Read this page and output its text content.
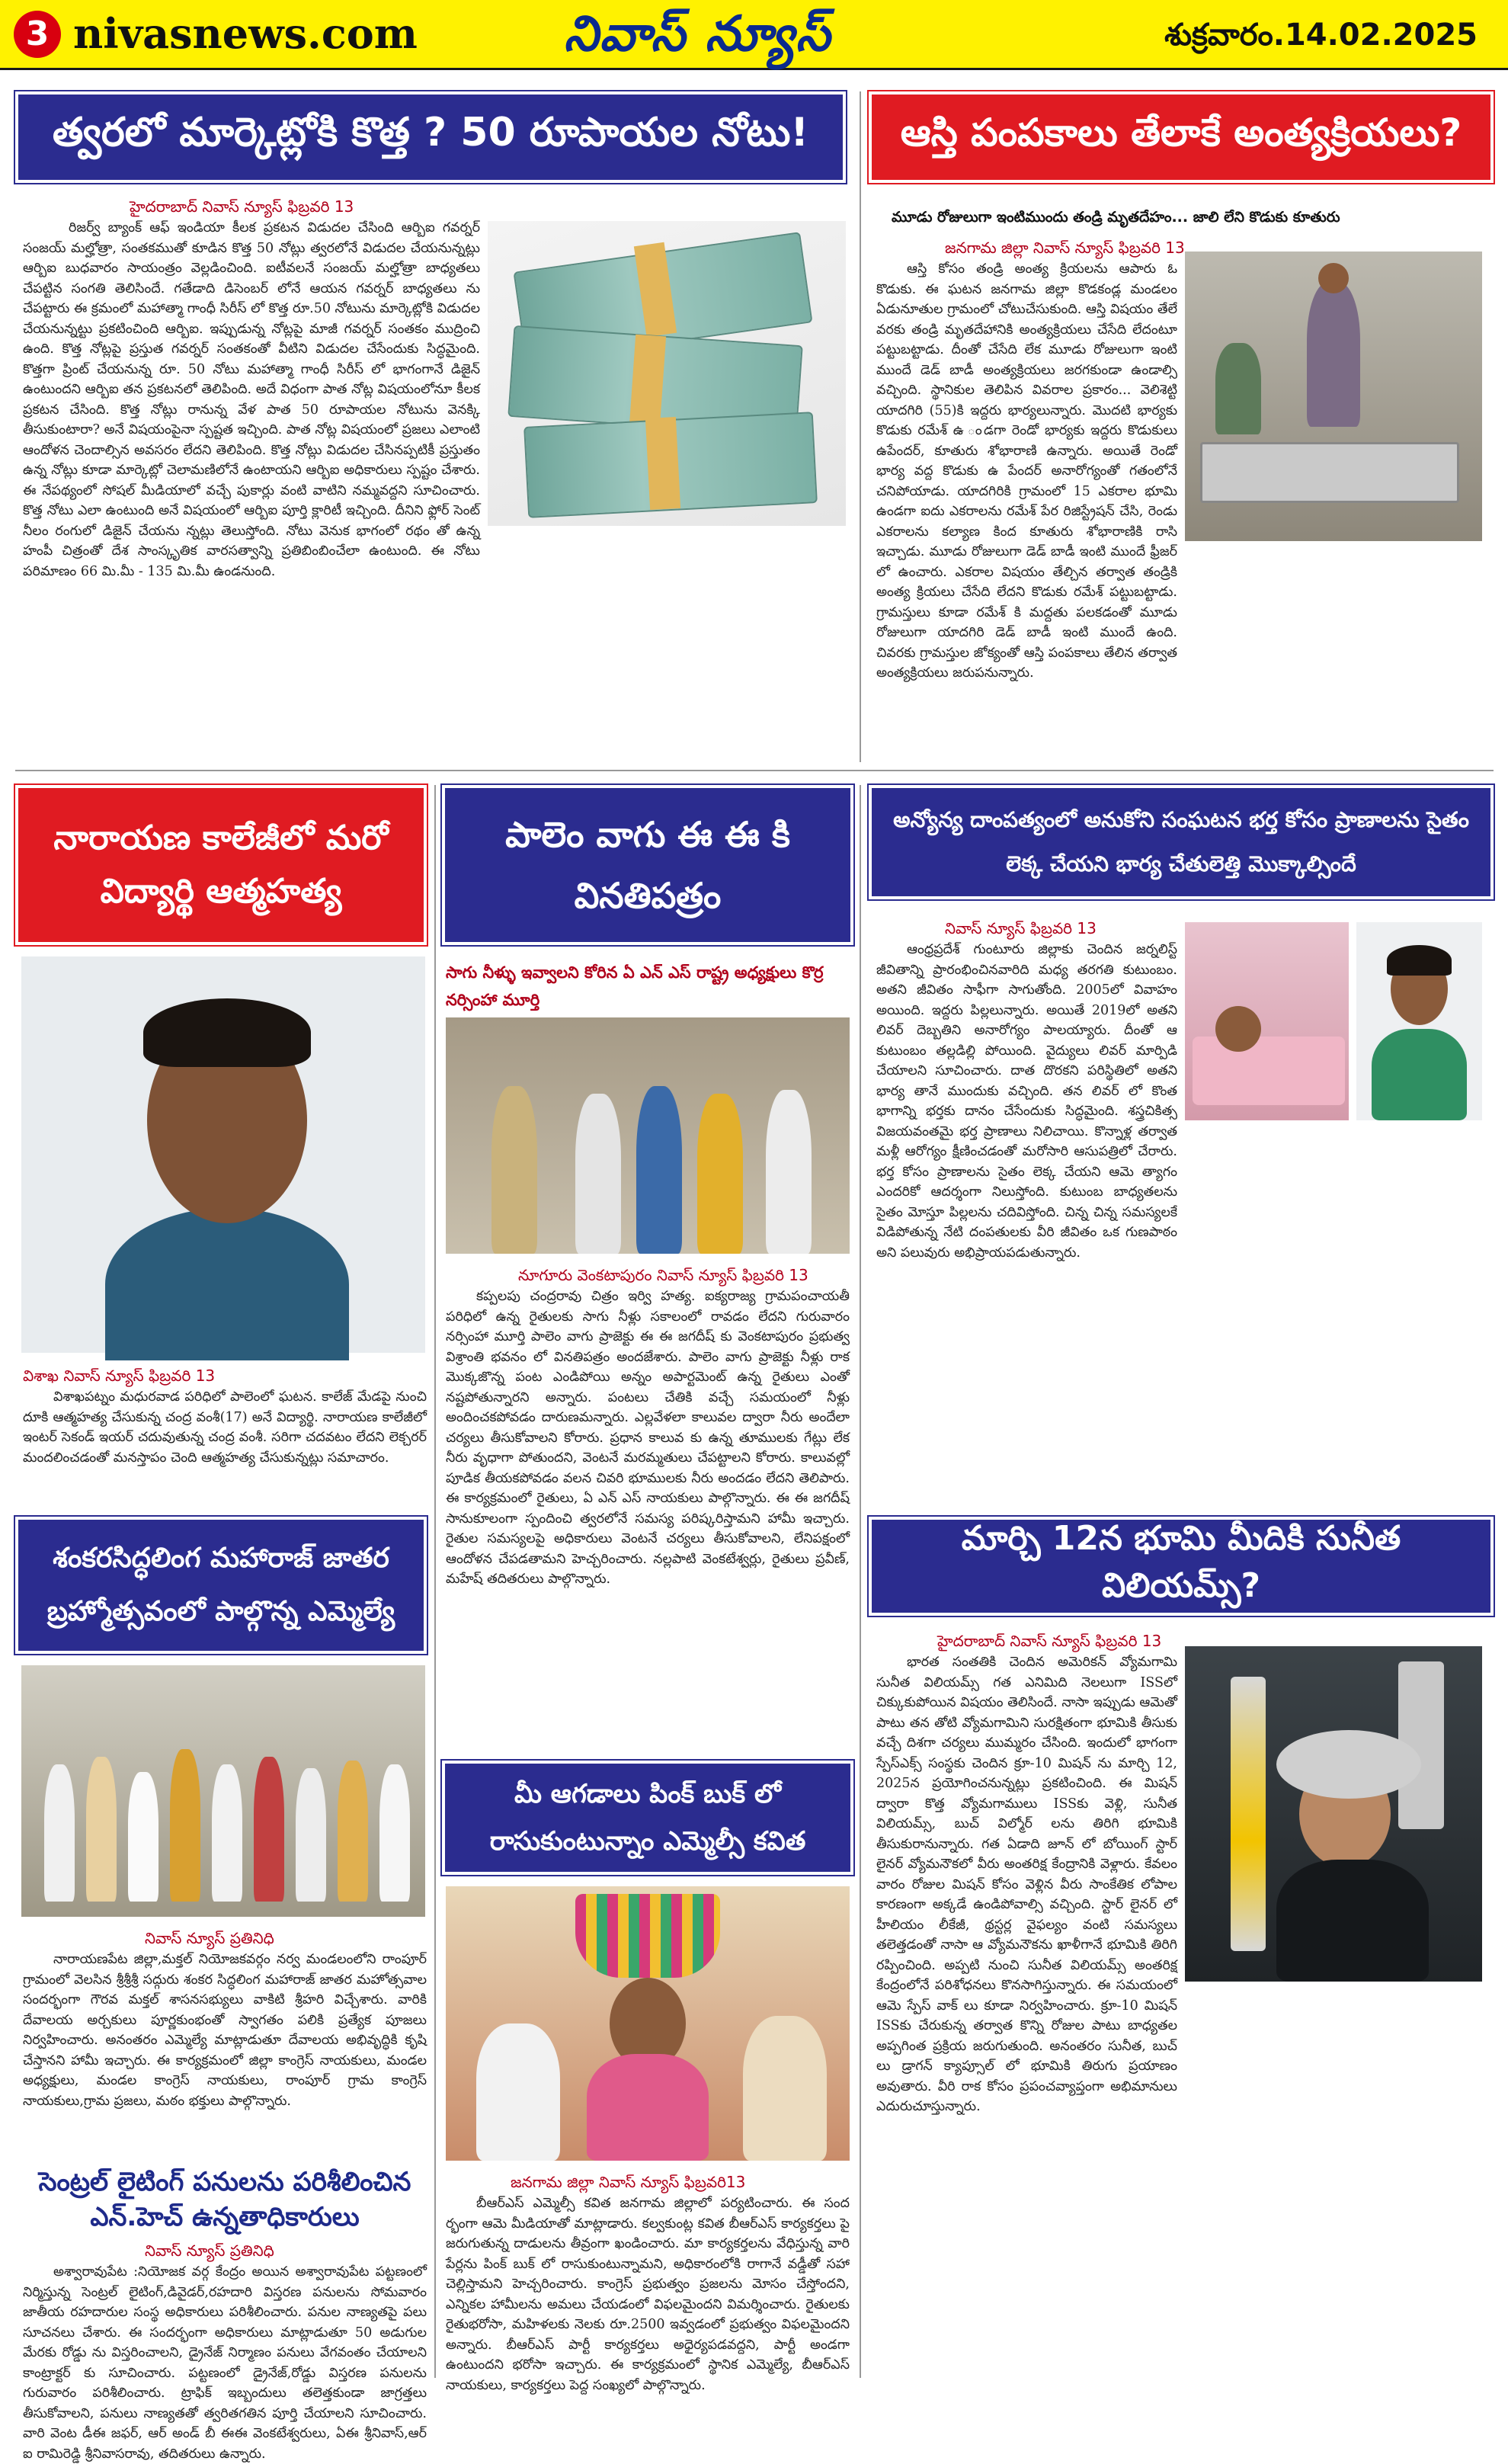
3 nivasnews.com	నివాస్ న్యూస్	శుక్రవారం.14.02.2025
త్వరలో మార్కెట్లోకి కొత్త ? 50 రూపాయల నోటు!
హైదరాబాద్ నివాస్ న్యూస్ ఫిబ్రవరి 13
రిజర్వ్ బ్యాంక్ ఆఫ్ ఇండియా కీలక ప్రకటన విడుదల చేసింది ఆర్బిఐ గవర్నర్ సంజయ్ మల్హోత్రా, సంతకముతో కూడిన కొత్త 50 నోట్లు త్వరలోనే విడుదల చేయనున్నట్లు ఆర్బిఐ బుధవారం సాయంత్రం వెల్లడించింది. ఐటీవలనే సంజయ్ మల్హోత్రా బాధ్యతలు చేపట్టిన సంగతి తెలిసిందే. గతేడాది డిసెంబర్ లోనే ఆయన గవర్నర్ బాధ్యతలు ను చేపట్టారు ఈ క్రమంలో మహాత్మా గాంధీ సిరీస్ లో కొత్త రూ.50 నోటును మార్కెట్లోకి విడుదల చేయనున్నట్టు ప్రకటించింది ఆర్బిఐ. ఇప్పుడున్న నోట్లపై మాజీ గవర్నర్ సంతకం ముద్రించి ఉంది. కొత్త నోట్లపై ప్రస్తుత గవర్నర్ సంతకంతో వీటిని విడుదల చేసేందుకు సిద్ధమైంది. కొత్తగా ప్రింట్ చేయనున్న రూ. 50 నోటు మహాత్మా గాంధీ సిరీస్ లో భాగంగానే డిజైన్ ఉంటుందని ఆర్బిఐ తన ప్రకటనలో తెలిపింది. అదే విధంగా పాత నోట్ల విషయంలోనూ కీలక ప్రకటన చేసింది. కొత్త నోట్లు రానున్న వేళ పాత 50 రూపాయల నోటును వెనక్కి తీసుకుంటారా? అనే విషయంపైనా స్పష్టత ఇచ్చింది. పాత నోట్ల విషయంలో ప్రజలు ఎలాంటి ఆందోళన చెందాల్సిన అవసరం లేదని తెలిపింది. కొత్త నోట్లు విడుదల చేసినప్పటికీ ప్రస్తుతం ఉన్న నోట్లు కూడా మార్కెట్లో చెలామణిలోనే ఉంటాయని ఆర్బిఐ అధికారులు స్పష్టం చేశారు. ఈ నేపథ్యంలో సోషల్ మీడియాలో వచ్చే పుకార్లు వంటి వాటిని నమ్మవద్దని సూచించారు. కొత్త నోటు ఎలా ఉంటుంది అనే విషయంలో ఆర్బిఐ పూర్తి క్లారిటీ ఇచ్చింది. దీనిని ఫ్లోర్ సెంట్ నీలం రంగులో డిజైన్ చేయను న్నట్లు తెలుస్తోంది. నోటు వెనుక భాగంలో రథం తో ఉన్న హంపీ చిత్రంతో దేశ సాంస్కృతిక వారసత్వాన్ని ప్రతిబింబించేలా ఉంటుంది. ఈ నోటు పరిమాణం 66 మి.మీ - 135 మి.మీ ఉండనుంది.
ఆస్తి పంపకాలు తేలాకే అంత్యక్రియలు?
మూడు రోజులుగా ఇంటిముందు తండ్రి మృతదేహం... జాలి లేని కొడుకు కూతురు
జనగామ జిల్లా నివాస్ న్యూస్ ఫిబ్రవరి 13
ఆస్తి కోసం తండ్రి అంత్య క్రియలను ఆపారు ఓ కొడుకు. ఈ ఘటన జనగామ జిల్లా కొడకండ్ల మండలం ఏడునూతుల గ్రామంలో చోటుచేసుకుంది. ఆస్తి విషయం తేలే వరకు తండ్రి మృతదేహానికి అంత్యక్రియలు చేసేది లేదంటూ పట్టుబట్టాడు. దీంతో చేసేది లేక మూడు రోజులుగా ఇంటి ముందే డెడ్ బాడీ అంత్యక్రియలు జరగకుండా ఉండాల్సి వచ్చింది. స్థానికుల తెలిపిన వివరాల ప్రకారం... వెలిశెట్టి యాదగిరి (55)కి ఇద్దరు భార్యలున్నారు. మొదటి భార్యకు కొడుకు రమేశ్ ఉ ండగా రెండో భార్యకు ఇద్దరు కొడుకులు ఉపేందర్, కూతురు శోభారాణి ఉన్నారు. అయితే రెండో భార్య వద్ద కొడుకు ఉ పేందర్ అనారోగ్యంతో గతంలోనే చనిపోయాడు. యాదగిరికి గ్రామంలో 15 ఎకరాల భూమి ఉండగా ఐదు ఎకరాలను రమేశ్ పేర రిజిస్ట్రేషన్ చేసి, రెండు ఎకరాలను కల్యాణ కింద కూతురు శోభారాణికి రాసి ఇచ్చాడు. మూడు రోజులుగా డెడ్ బాడీ ఇంటి ముందే ఫ్రీజర్ లో ఉంచారు. ఎకరాల విషయం తేల్చిన తర్వాత తండ్రికి అంత్య క్రియలు చేసేది లేదని కొడుకు రమేశ్ పట్టుబట్టాడు. గ్రామస్తులు కూడా రమేశ్ కి మద్దతు పలకడంతో మూడు రోజులుగా యాదగిరి డెడ్ బాడీ ఇంటి ముందే ఉంది. చివరకు గ్రామస్తుల జోక్యంతో ఆస్తి పంపకాలు తేలిన తర్వాత అంత్యక్రియలు జరుపనున్నారు.
నారాయణ కాలేజీలో మరో విద్యార్థి ఆత్మహత్య
విశాఖ నివాస్ న్యూస్ ఫిబ్రవరి 13
విశాఖపట్నం మధురవాడ పరిధిలో పాలెంలో ఘటన. కాలేజ్ మేడపై నుంచి దూకి ఆత్మహత్య చేసుకున్న చంద్ర వంశీ(17) అనే విద్యార్థి. నారాయణ కాలేజీలో ఇంటర్ సెకండ్ ఇయర్ చదువుతున్న చంద్ర వంశీ. సరిగా చదవటం లేదని లెక్చరర్ మందలించడంతో మనస్తాపం చెంది ఆత్మహత్య చేసుకున్నట్లు సమాచారం.
శంకరసిద్ధలింగ మహారాజ్ జాతర బ్రహ్మోత్సవంలో పాల్గొన్న ఎమ్మెల్యే
నివాస్ న్యూస్ ప్రతినిధి
నారాయణపేట జిల్లా,మక్తల్ నియోజకవర్గం నర్వ మండలంలోని రాంపూర్ గ్రామంలో వెలసిన శ్రీశ్రీశ్రీ సద్గురు శంకర సిద్ధలింగ మహారాజ్ జాతర మహోత్సవాల సందర్భంగా గౌరవ మక్తల్ శాసనసభ్యులు వాకిటి శ్రీహరి విచ్చేశారు. వారికి దేవాలయ అర్చకులు పూర్ణకుంభంతో స్వాగతం పలికి ప్రత్యేక పూజలు నిర్వహించారు. అనంతరం ఎమ్మెల్యే మాట్లాడుతూ దేవాలయ అభివృద్ధికి కృషి చేస్తానని హామీ ఇచ్చారు. ఈ కార్యక్రమంలో జిల్లా కాంగ్రెస్ నాయకులు, మండల అధ్యక్షులు, మండల కాంగ్రెస్ నాయకులు, రాంపూర్ గ్రామ కాంగ్రెస్ నాయకులు,గ్రామ ప్రజలు, మఠం భక్తులు పాల్గొన్నారు.
సెంట్రల్ లైటింగ్ పనులను పరిశీలించిన ఎన్.హెచ్ ఉన్నతాధికారులు
నివాస్ న్యూస్ ప్రతినిధి
అశ్వారావుపేట :నియోజక వర్గ కేంద్రం అయిన అశ్వారావుపేట పట్టణంలో నిర్మిస్తున్న సెంట్రల్ లైటింగ్,డివైడర్,రహదారి విస్తరణ పనులను సోమవారం జాతీయ రహదారుల సంస్థ అధికారులు పరిశీలించారు. పనుల నాణ్యతపై పలు సూచనలు చేశారు. ఈ సందర్భంగా అధికారులు మాట్లాడుతూ 50 అడుగుల మేరకు రోడ్డు ను విస్తరించాలని, డ్రైనేజ్ నిర్మాణం పనులు వేగవంతం చేయాలని కాంట్రాక్టర్ కు సూచించారు. పట్టణంలో డ్రైనేజ్,రోడ్డు విస్తరణ పనులను గురువారం పరిశీలించారు. ట్రాఫిక్ ఇబ్బందులు తలెత్తకుండా జాగ్రత్తలు తీసుకోవాలని, పనులు నాణ్యతతో త్వరితగతిన పూర్తి చేయాలని సూచించారు. వారి వెంట డీఈ జఫర్, ఆర్ అండ్ బీ ఈఈ వెంకటేశ్వరులు, ఏఈ శ్రీనివాస్,ఆర్ ఐ రామిరెడ్డి శ్రీనివాసరావు, తదితరులు ఉన్నారు.
పాలెం వాగు ఈ ఈ కి వినతిపత్రం
సాగు నీళ్ళు ఇవ్వాలని కోరిన ఏ ఎన్ ఎస్ రాష్ట్ర అధ్యక్షులు కొర్ర నర్సింహా మూర్తి
నూగూరు వెంకటాపురం నివాస్ న్యూస్ ఫిబ్రవరి 13
కప్పలపు చంద్రరావు చిత్రం ఇర్వి హత్య. ఐక్యరాజ్య గ్రామపంచాయతీ పరిధిలో ఉన్న రైతులకు సాగు నీళ్లు సకాలంలో రావడం లేదని గురువారం నర్సింహా మూర్తి పాలెం వాగు ప్రాజెక్టు ఈ ఈ జగదీష్ కు వెంకటాపురం ప్రభుత్వ విశ్రాంతి భవనం లో వినతిపత్రం అందజేశారు. పాలెం వాగు ప్రాజెక్టు నీళ్లు రాక మొక్కజొన్న పంట ఎండిపోయి అన్నం అపార్టమెంట్ ఉన్న రైతులు ఎంతో నష్టపోతున్నారని అన్నారు. పంటలు చేతికి వచ్చే సమయంలో నీళ్లు అందించకపోవడం దారుణమన్నారు. ఎల్లవేళలా కాలువల ద్వారా నీరు అందేలా చర్యలు తీసుకోవాలని కోరారు. ప్రధాన కాలువ కు ఉన్న తూములకు గేట్లు లేక నీరు వృధాగా పోతుందని, వెంటనే మరమ్మతులు చేపట్టాలని కోరారు. కాలువల్లో పూడిక తీయకపోవడం వలన చివరి భూములకు నీరు అందడం లేదని తెలిపారు. ఈ కార్యక్రమంలో రైతులు, ఏ ఎన్ ఎస్ నాయకులు పాల్గొన్నారు. ఈ ఈ జగదీష్ సానుకూలంగా స్పందించి త్వరలోనే సమస్య పరిష్కరిస్తామని హామీ ఇచ్చారు. రైతుల సమస్యలపై అధికారులు వెంటనే చర్యలు తీసుకోవాలని, లేనిపక్షంలో ఆందోళన చేపడతామని హెచ్చరించారు. నల్లపాటి వెంకటేశ్వర్లు, రైతులు ప్రవీణ్, మహేష్ తదితరులు పాల్గొన్నారు.
మీ ఆగడాలు పింక్ బుక్ లో రాసుకుంటున్నాం ఎమ్మెల్సీ కవిత
జనగామ జిల్లా నివాస్ న్యూస్ ఫిబ్రవరి13
బీఆర్ఎస్ ఎమ్మెల్సీ కవిత జనగామ జిల్లాలో పర్యటించారు. ఈ సంద ర్భంగా ఆమె మీడియాతో మాట్లాడారు. కల్వకుంట్ల కవిత బీఆర్ఎస్ కార్యకర్తలు పై జరుగుతున్న దాడులను తీవ్రంగా ఖండించారు. మా కార్యకర్తలను వేధిస్తున్న వారి పేర్లను పింక్ బుక్ లో రాసుకుంటున్నామని, అధికారంలోకి రాగానే వడ్డీతో సహా చెల్లిస్తామని హెచ్చరించారు. కాంగ్రెస్ ప్రభుత్వం ప్రజలను మోసం చేస్తోందని, ఎన్నికల హామీలను అమలు చేయడంలో విఫలమైందని విమర్శించారు. రైతులకు రైతుభరోసా, మహిళలకు నెలకు రూ.2500 ఇవ్వడంలో ప్రభుత్వం విఫలమైందని అన్నారు. బీఆర్ఎస్ పార్టీ కార్యకర్తలు అధైర్యపడవద్దని, పార్టీ అండగా ఉంటుందని భరోసా ఇచ్చారు. ఈ కార్యక్రమంలో స్థానిక ఎమ్మెల్యే, బీఆర్ఎస్ నాయకులు, కార్యకర్తలు పెద్ద సంఖ్యలో పాల్గొన్నారు.
అన్యోన్య దాంపత్యంలో అనుకోని సంఘటన భర్త కోసం ప్రాణాలను సైతం లెక్క చేయని భార్య చేతులెత్తి మొక్కాల్సిందే
నివాస్ న్యూస్ ఫిబ్రవరి 13
ఆంధ్రప్రదేశ్ గుంటూరు జిల్లాకు చెందిన జర్నలిస్ట్ జీవితాన్ని ప్రారంభించినవారిది మధ్య తరగతి కుటుంబం. అతని జీవితం సాఫీగా సాగుతోంది. 2005లో వివాహం అయింది. ఇద్దరు పిల్లలున్నారు. అయితే 2019లో అతని లివర్ దెబ్బతిని అనారోగ్యం పాలయ్యారు. దీంతో ఆ కుటుంబం తల్లడిల్లి పోయింది. వైద్యులు లివర్ మార్పిడి చేయాలని సూచించారు. దాత దొరకని పరిస్థితిలో అతని భార్య తానే ముందుకు వచ్చింది. తన లివర్ లో కొంత భాగాన్ని భర్తకు దానం చేసేందుకు సిద్ధమైంది. శస్త్రచికిత్స విజయవంతమై భర్త ప్రాణాలు నిలిచాయి. కొన్నాళ్ల తర్వాత మళ్లీ ఆరోగ్యం క్షీణించడంతో మరోసారి ఆసుపత్రిలో చేరారు. భర్త కోసం ప్రాణాలను సైతం లెక్క చేయని ఆమె త్యాగం ఎందరికో ఆదర్శంగా నిలుస్తోంది. కుటుంబ బాధ్యతలను సైతం మోస్తూ పిల్లలను చదివిస్తోంది. చిన్న చిన్న సమస్యలకే విడిపోతున్న నేటి దంపతులకు వీరి జీవితం ఒక గుణపాఠం అని పలువురు అభిప్రాయపడుతున్నారు.
మార్చి 12న భూమి మీదికి సునీత విలియమ్స్?
హైదరాబాద్ నివాస్ న్యూస్ ఫిబ్రవరి 13
భారత సంతతికి చెందిన అమెరికన్ వ్యోమగామి సునీత విలియమ్స్ గత ఎనిమిది నెలలుగా ISSలో చిక్కుకుపోయిన విషయం తెలిసిందే. నాసా ఇప్పుడు ఆమెతో పాటు తన తోటి వ్యోమగామిని సురక్షితంగా భూమికి తీసుకు వచ్చే దిశగా చర్యలు ముమ్మరం చేసింది. ఇందులో భాగంగా స్పేస్ఎక్స్ సంస్థకు చెందిన క్రూ-10 మిషన్ ను మార్చి 12, 2025న ప్రయోగించనున్నట్లు ప్రకటించింది. ఈ మిషన్ ద్వారా కొత్త వ్యోమగాములు ISSకు వెళ్లి, సునీత విలియమ్స్, బుచ్ విల్మోర్ లను తిరిగి భూమికి తీసుకురానున్నారు. గత ఏడాది జూన్ లో బోయింగ్ స్టార్ లైనర్ వ్యోమనౌకలో వీరు అంతరిక్ష కేంద్రానికి వెళ్లారు. కేవలం వారం రోజుల మిషన్ కోసం వెళ్లిన వీరు సాంకేతిక లోపాల కారణంగా అక్కడే ఉండిపోవాల్సి వచ్చింది. స్టార్ లైనర్ లో హీలియం లీకేజీ, థ్రస్టర్ల వైఫల్యం వంటి సమస్యలు తలెత్తడంతో నాసా ఆ వ్యోమనౌకను ఖాళీగానే భూమికి తిరిగి రప్పించింది. అప్పటి నుంచి సునీత విలియమ్స్ అంతరిక్ష కేంద్రంలోనే పరిశోధనలు కొనసాగిస్తున్నారు. ఈ సమయంలో ఆమె స్పేస్ వాక్ లు కూడా నిర్వహించారు. క్రూ-10 మిషన్ ISSకు చేరుకున్న తర్వాత కొన్ని రోజుల పాటు బాధ్యతల అప్పగింత ప్రక్రియ జరుగుతుంది. అనంతరం సునీత, బుచ్ లు డ్రాగన్ క్యాప్సూల్ లో భూమికి తిరుగు ప్రయాణం అవుతారు. వీరి రాక కోసం ప్రపంచవ్యాప్తంగా అభిమానులు ఎదురుచూస్తున్నారు.
